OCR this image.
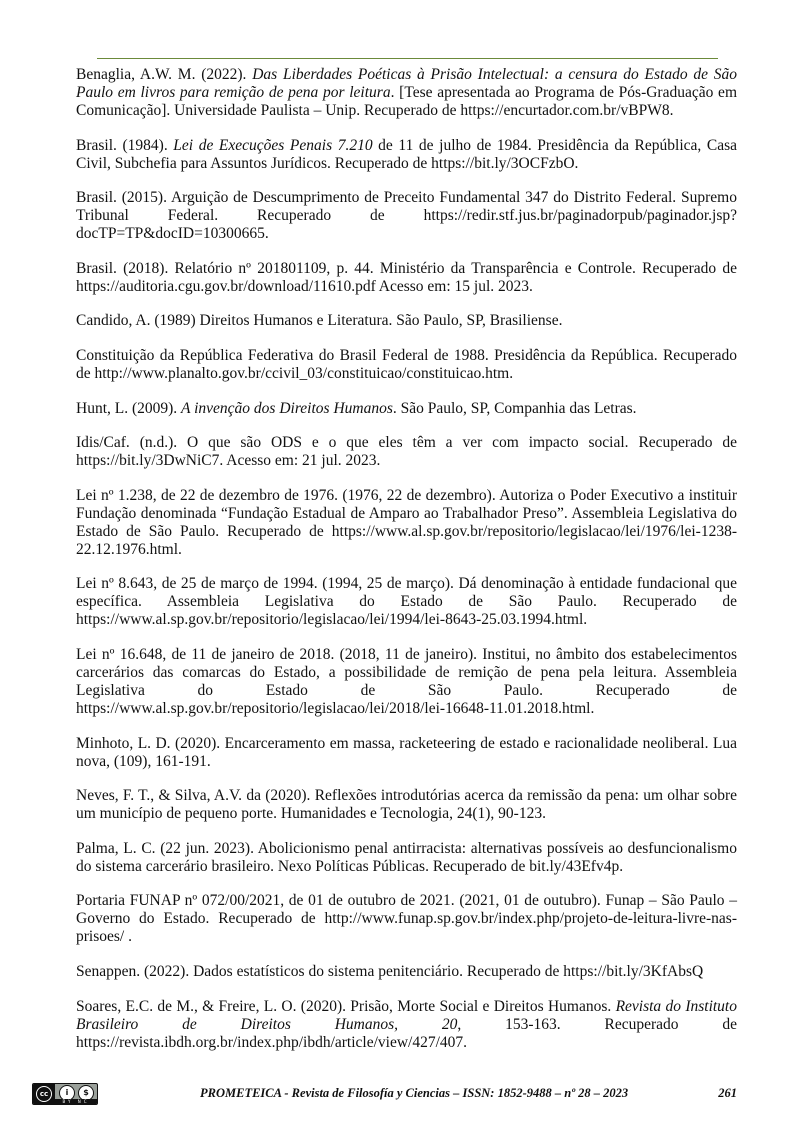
Benaglia, A.W. M. (2022). Das Liberdades Poéticas à Prisão Intelectual: a censura do Estado de São Paulo em livros para remição de pena por leitura. [Tese apresentada ao Programa de Pós-Graduação em Comunicação]. Universidade Paulista – Unip. Recuperado de https://encurtador.com.br/vBPW8.

Brasil. (1984). Lei de Execuções Penais 7.210 de 11 de julho de 1984. Presidência da República, Casa Civil, Subchefia para Assuntos Jurídicos. Recuperado de https://bit.ly/3OCFzbO.

Brasil. (2015). Arguição de Descumprimento de Preceito Fundamental 347 do Distrito Federal. Supremo Tribunal Federal. Recuperado de https://redir.stf.jus.br/paginadorpub/paginador.jsp?docTP=TP&docID=10300665.

Brasil. (2018). Relatório nº 201801109, p. 44. Ministério da Transparência e Controle. Recuperado de https://auditoria.cgu.gov.br/download/11610.pdf Acesso em: 15 jul. 2023.

Candido, A. (1989) Direitos Humanos e Literatura. São Paulo, SP, Brasiliense.

Constituição da República Federativa do Brasil Federal de 1988. Presidência da República. Recuperado de http://www.planalto.gov.br/ccivil_03/constituicao/constituicao.htm.

Hunt, L. (2009). A invenção dos Direitos Humanos. São Paulo, SP, Companhia das Letras.

Idis/Caf. (n.d.). O que são ODS e o que eles têm a ver com impacto social. Recuperado de https://bit.ly/3DwNiC7. Acesso em: 21 jul. 2023.

Lei nº 1.238, de 22 de dezembro de 1976. (1976, 22 de dezembro). Autoriza o Poder Executivo a instituir Fundação denominada “Fundação Estadual de Amparo ao Trabalhador Preso”. Assembleia Legislativa do Estado de São Paulo. Recuperado de https://www.al.sp.gov.br/repositorio/legislacao/lei/1976/lei-1238-22.12.1976.html.

Lei nº 8.643, de 25 de março de 1994. (1994, 25 de março). Dá denominação à entidade fundacional que específica. Assembleia Legislativa do Estado de São Paulo. Recuperado de https://www.al.sp.gov.br/repositorio/legislacao/lei/1994/lei-8643-25.03.1994.html.

Lei nº 16.648, de 11 de janeiro de 2018. (2018, 11 de janeiro). Institui, no âmbito dos estabelecimentos carcerários das comarcas do Estado, a possibilidade de remição de pena pela leitura. Assembleia Legislativa do Estado de São Paulo. Recuperado de https://www.al.sp.gov.br/repositorio/legislacao/lei/2018/lei-16648-11.01.2018.html.

Minhoto, L. D. (2020). Encarceramento em massa, racketeering de estado e racionalidade neoliberal. Lua nova, (109), 161-191.

Neves, F. T., & Silva, A.V. da (2020). Reflexões introdutórias acerca da remissão da pena: um olhar sobre um município de pequeno porte. Humanidades e Tecnologia, 24(1), 90-123.

Palma, L. C. (22 jun. 2023). Abolicionismo penal antirracista: alternativas possíveis ao desfuncionalismo do sistema carcerário brasileiro. Nexo Políticas Públicas. Recuperado de bit.ly/43Efv4p.

Portaria FUNAP nº 072/00/2021, de 01 de outubro de 2021. (2021, 01 de outubro). Funap – São Paulo – Governo do Estado. Recuperado de http://www.funap.sp.gov.br/index.php/projeto-de-leitura-livre-nas-prisoes/ .

Senappen. (2022). Dados estatísticos do sistema penitenciário. Recuperado de https://bit.ly/3KfAbsQ

Soares, E.C. de M., & Freire, L. O. (2020). Prisão, Morte Social e Direitos Humanos. Revista do Instituto Brasileiro de Direitos Humanos, 20, 153-163. Recuperado de https://revista.ibdh.org.br/index.php/ibdh/article/view/427/407.

cc	i	$
BY NC
PROMETEICA - Revista de Filosofía y Ciencias – ISSN: 1852-9488 – nº 28 – 2023	261
